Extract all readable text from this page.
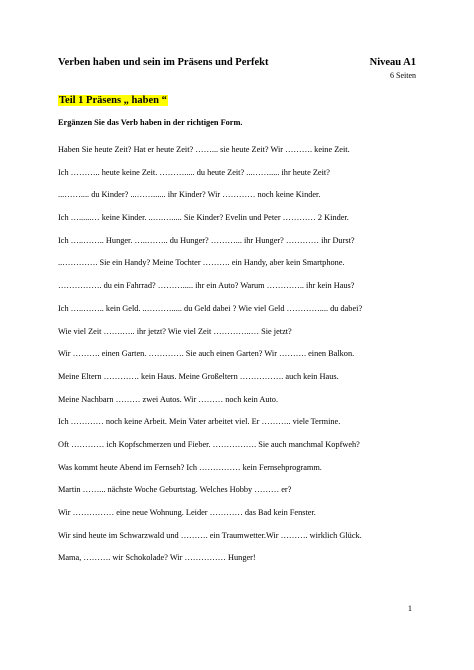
Verben haben und sein im Präsens und Perfekt	Niveau A1
6 Seiten
Teil 1 Präsens „ haben “
Ergänzen Sie das Verb haben in der richtigen Form.
Haben Sie heute Zeit? Hat er heute Zeit? ……... sie heute Zeit? Wir ………. keine Zeit.
Ich ……….. heute keine Zeit. ………..... du heute Zeit? ...……..... ihr heute Zeit?
...…….... du Kinder? ...……...... ihr Kinder? Wir ………… noch keine Kinder.
Ich …......… keine Kinder. ..….…..... Sie Kinder? Evelin und Peter ………… 2 Kinder.
Ich …..…….. Hunger. …..…….. du Hunger? ………... ihr Hunger? ………… ihr Durst?
..…………. Sie ein Handy? Meine Tochter ………. ein Handy, aber kein Smartphone.
……………. du ein Fahrrad? ………..... ihr ein Auto? Warum ………….. ihr kein Haus?
Ich …..…….. kein Geld. ..………..... du Geld dabei ? Wie viel Geld ………….... du dabei?
Wie viel Zeit …….….. ihr jetzt? Wie viel Zeit …………..… Sie jetzt?
Wir ………. einen Garten. …………. Sie auch einen Garten? Wir ………. einen Balkon.
Meine Eltern …………. kein Haus. Meine Großeltern ……………. auch kein Haus.
Meine Nachbarn ……… zwei Autos. Wir ……… noch kein Auto.
Ich ………… noch keine Arbeit. Mein Vater arbeitet viel. Er ……….. viele Termine.
Oft ………… ich Kopfschmerzen und Fieber. ……………. Sie auch manchmal Kopfweh?
Was kommt heute Abend im Fernseh? Ich …………… kein Fernsehprogramm.
Martin ……... nächste Woche Geburtstag. Welches Hobby ……… er?
Wir …………… eine neue Wohnung. Leider ………… das Bad kein Fenster.
Wir sind heute im Schwarzwald und ………. ein Traumwetter.Wir ………. wirklich Glück.
Mama, ………. wir Schokolade? Wir …………… Hunger!
1
